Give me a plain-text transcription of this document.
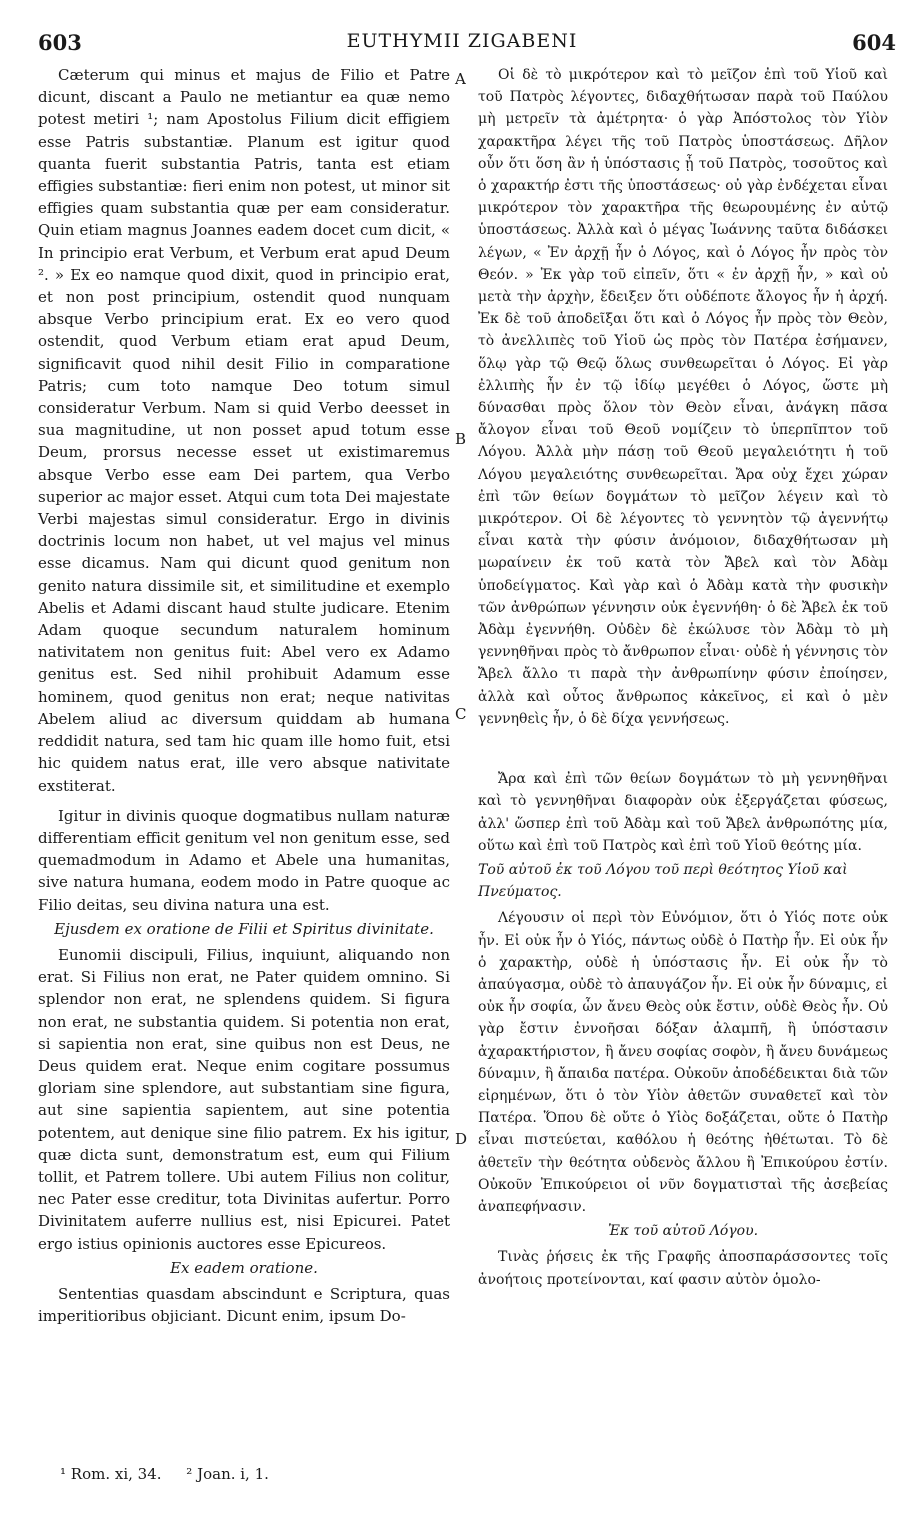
603	EUTHYMII ZIGABENI	604
A
B
C
D

Cæterum qui minus et majus de Filio et Patre dicunt, discant a Paulo ne metiantur ea quæ nemo potest metiri ¹; nam Apostolus Filium dicit effigiem esse Patris substantiæ. Planum est igitur quod quanta fuerit substantia Patris, tanta est etiam effigies substantiæ: fieri enim non potest, ut minor sit effigies quam substantia quæ per eam consideratur. Quin etiam magnus Joannes eadem docet cum dicit, « In principio erat Verbum, et Verbum erat apud Deum ². » Ex eo namque quod dixit, quod in principio erat, et non post principium, ostendit quod nunquam absque Verbo principium erat. Ex eo vero quod ostendit, quod Verbum etiam erat apud Deum, significavit quod nihil desit Filio in comparatione Patris; cum toto namque Deo totum simul consideratur Verbum. Nam si quid Verbo deesset in sua magnitudine, ut non posset apud totum esse Deum, prorsus necesse esset ut existimaremus absque Verbo esse eam Dei partem, qua Verbo superior ac major esset. Atqui cum tota Dei majestate Verbi majestas simul consideratur. Ergo in divinis doctrinis locum non habet, ut vel majus vel minus esse dicamus. Nam qui dicunt quod genitum non genito natura dissimile sit, et similitudine et exemplo Abelis et Adami discant haud stulte judicare. Etenim Adam quoque secundum naturalem hominum nativitatem non genitus fuit: Abel vero ex Adamo genitus est. Sed nihil prohibuit Adamum esse hominem, quod genitus non erat; neque nativitas Abelem aliud ac diversum quiddam ab humana reddidit natura, sed tam hic quam ille homo fuit, etsi hic quidem natus erat, ille vero absque nativitate exstiterat.

Igitur in divinis quoque dogmatibus nullam naturæ differentiam efficit genitum vel non genitum esse, sed quemadmodum in Adamo et Abele una humanitas, sive natura humana, eodem modo in Patre quoque ac Filio deitas, seu divina natura una est.

Ejusdem ex oratione de Filii et Spiritus divinitate.

Eunomii discipuli, Filius, inquiunt, aliquando non erat. Si Filius non erat, ne Pater quidem omnino. Si splendor non erat, ne splendens quidem. Si figura non erat, ne substantia quidem. Si potentia non erat, si sapientia non erat, sine quibus non est Deus, ne Deus quidem erat. Neque enim cogitare possumus gloriam sine splendore, aut substantiam sine figura, aut sine sapientia sapientem, aut sine potentia potentem, aut denique sine filio patrem. Ex his igitur, quæ dicta sunt, demonstratum est, eum qui Filium tollit, et Patrem tollere. Ubi autem Filius non colitur, nec Pater esse creditur, tota Divinitas aufertur. Porro Divinitatem auferre nullius est, nisi Epicurei. Patet ergo istius opinionis auctores esse Epicureos.

Ex eadem oratione.

Sententias quasdam abscindunt e Scriptura, quas imperitioribus objiciant. Dicunt enim, ipsum Do-

Οἱ δὲ τὸ μικρότερον καὶ τὸ μεῖζον ἐπὶ τοῦ Υἱοῦ καὶ τοῦ Πατρὸς λέγοντες, διδαχθήτωσαν παρὰ τοῦ Παύλου μὴ μετρεῖν τὰ ἀμέτρητα· ὁ γὰρ Ἀπόστολος τὸν Υἱὸν χαρακτῆρα λέγει τῆς τοῦ Πατρὸς ὑποστάσεως. Δῆλον οὖν ὅτι ὅση ἂν ἡ ὑπόστασις ᾖ τοῦ Πατρὸς, τοσοῦτος καὶ ὁ χαρακτήρ ἐστι τῆς ὑποστάσεως· οὐ γὰρ ἐνδέχεται εἶναι μικρότερον τὸν χαρακτῆρα τῆς θεωρουμένης ἐν αὐτῷ ὑποστάσεως. Ἀλλὰ καὶ ὁ μέγας Ἰωάννης ταῦτα διδάσκει λέγων, « Ἐν ἀρχῇ ἦν ὁ Λόγος, καὶ ὁ Λόγος ἦν πρὸς τὸν Θεόν. » Ἐκ γὰρ τοῦ εἰπεῖν, ὅτι « ἐν ἀρχῇ ἦν, » καὶ οὐ μετὰ τὴν ἀρχὴν, ἔδειξεν ὅτι οὐδέποτε ἄλογος ἦν ἡ ἀρχή. Ἐκ δὲ τοῦ ἀποδεῖξαι ὅτι καὶ ὁ Λόγος ἦν πρὸς τὸν Θεὸν, τὸ ἀνελλιπὲς τοῦ Υἱοῦ ὡς πρὸς τὸν Πατέρα ἐσήμανεν, ὅλῳ γὰρ τῷ Θεῷ ὅλως συνθεωρεῖται ὁ Λόγος. Εἰ γὰρ ἐλλιπὴς ἦν ἐν τῷ ἰδίῳ μεγέθει ὁ Λόγος, ὥστε μὴ δύνασθαι πρὸς ὅλον τὸν Θεὸν εἶναι, ἀνάγκη πᾶσα ἄλογον εἶναι τοῦ Θεοῦ νομίζειν τὸ ὑπερπῖπτον τοῦ Λόγου. Ἀλλὰ μὴν πάσῃ τοῦ Θεοῦ μεγαλειότητι ἡ τοῦ Λόγου μεγαλειότης συνθεωρεῖται. Ἄρα οὐχ ἔχει χώραν ἐπὶ τῶν θείων δογμάτων τὸ μεῖζον λέγειν καὶ τὸ μικρότερον. Οἱ δὲ λέγοντες τὸ γεννητὸν τῷ ἀγεννήτῳ εἶναι κατὰ τὴν φύσιν ἀνόμοιον, διδαχθήτωσαν μὴ μωραίνειν ἐκ τοῦ κατὰ τὸν Ἄβελ καὶ τὸν Ἀδὰμ ὑποδείγματος. Καὶ γὰρ καὶ ὁ Ἀδὰμ κατὰ τὴν φυσικὴν τῶν ἀνθρώπων γέννησιν οὐκ ἐγεννήθη· ὁ δὲ Ἄβελ ἐκ τοῦ Ἀδὰμ ἐγεννήθη. Οὐδὲν δὲ ἐκώλυσε τὸν Ἀδὰμ τὸ μὴ γεννηθῆναι πρὸς τὸ ἄνθρωπον εἶναι· οὐδὲ ἡ γέννησις τὸν Ἄβελ ἄλλο τι παρὰ τὴν ἀνθρωπίνην φύσιν ἐποίησεν, ἀλλὰ καὶ οὗτος ἄνθρωπος κἀκεῖνος, εἰ καὶ ὁ μὲν γεννηθεὶς ἦν, ὁ δὲ δίχα γεννήσεως.

Ἄρα καὶ ἐπὶ τῶν θείων δογμάτων τὸ μὴ γεννηθῆναι καὶ τὸ γεννηθῆναι διαφορὰν οὐκ ἐξεργάζεται φύσεως, ἀλλ' ὥσπερ ἐπὶ τοῦ Ἀδὰμ καὶ τοῦ Ἄβελ ἀνθρωπότης μία, οὕτω καὶ ἐπὶ τοῦ Πατρὸς καὶ ἐπὶ τοῦ Υἱοῦ θεότης μία.

Τοῦ αὐτοῦ ἐκ τοῦ Λόγου τοῦ περὶ θεότητος Υἱοῦ καὶ Πνεύματος.

Λέγουσιν οἱ περὶ τὸν Εὐνόμιον, ὅτι ὁ Υἱός ποτε οὐκ ἦν. Εἰ οὐκ ἦν ὁ Υἱός, πάντως οὐδὲ ὁ Πατὴρ ἦν. Εἰ οὐκ ἦν ὁ χαρακτὴρ, οὐδὲ ἡ ὑπόστασις ἦν. Εἰ οὐκ ἦν τὸ ἀπαύγασμα, οὐδὲ τὸ ἀπαυγάζον ἦν. Εἰ οὐκ ἦν δύναμις, εἰ οὐκ ἦν σοφία, ὧν ἄνευ Θεὸς οὐκ ἔστιν, οὐδὲ Θεὸς ἦν. Οὐ γὰρ ἔστιν ἐννοῆσαι δόξαν ἀλαμπῆ, ἢ ὑπόστασιν ἀχαρακτήριστον, ἢ ἄνευ σοφίας σοφὸν, ἢ ἄνευ δυνάμεως δύναμιν, ἢ ἄπαιδα πατέρα. Οὐκοῦν ἀποδέδεικται διὰ τῶν εἰρημένων, ὅτι ὁ τὸν Υἱὸν ἀθετῶν συναθετεῖ καὶ τὸν Πατέρα. Ὅπου δὲ οὔτε ὁ Υἱὸς δοξάζεται, οὔτε ὁ Πατὴρ εἶναι πιστεύεται, καθόλου ἡ θεότης ἠθέτωται. Τὸ δὲ ἀθετεῖν τὴν θεότητα οὐδενὸς ἄλλου ἢ Ἐπικούρου ἐστίν. Οὐκοῦν Ἐπικούρειοι οἱ νῦν δογματισταὶ τῆς ἀσεβείας ἀναπεφήνασιν.

Ἐκ τοῦ αὐτοῦ Λόγου.

Τινὰς ῥήσεις ἐκ τῆς Γραφῆς ἀποσπαράσσοντες τοῖς ἀνοήτοις προτείνονται, καί φασιν αὐτὸν ὁμολο-

¹ Rom. xi, 34. ² Joan. i, 1.
